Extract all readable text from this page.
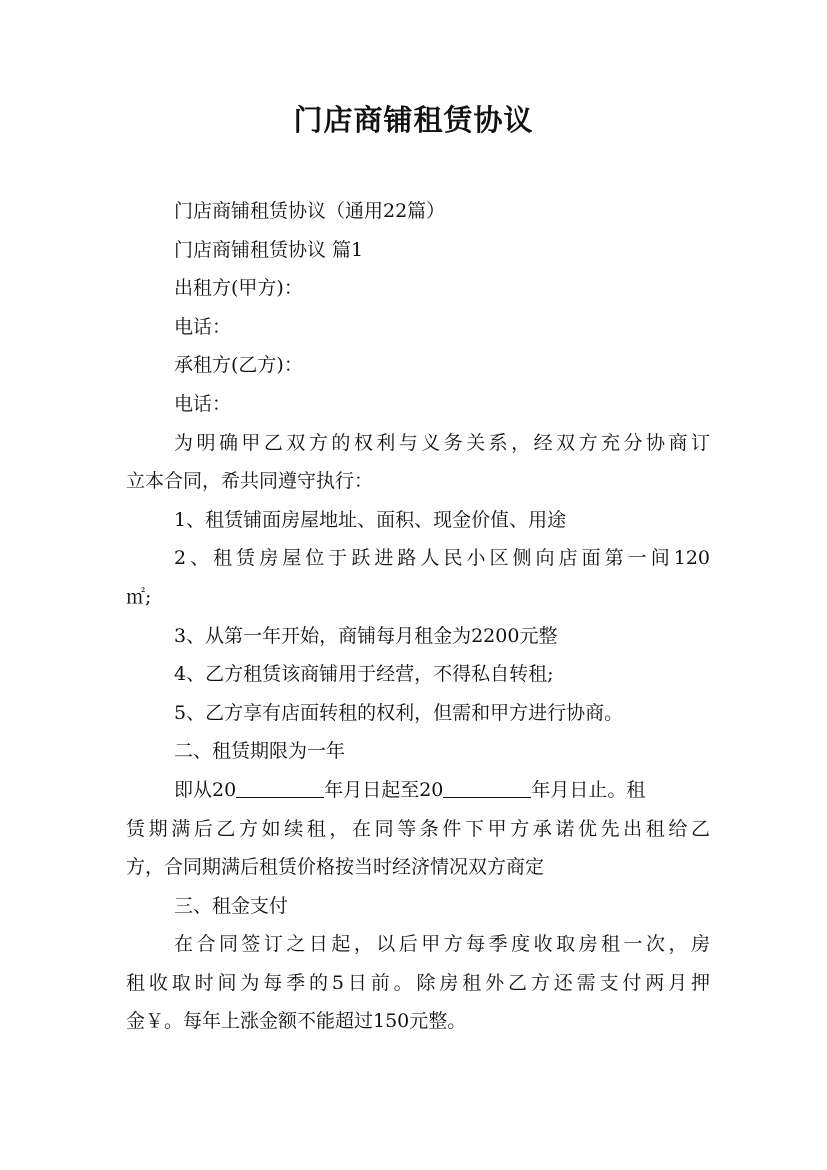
门店商铺租赁协议
门店商铺租赁协议（通用22篇）
门店商铺租赁协议 篇1
出租方(甲方)：
电话：
承租方(乙方)：
电话：
为明确甲乙双方的权利与义务关系，经双方充分协商订
立本合同，希共同遵守执行：
1、租赁铺面房屋地址、面积、现金价值、用途
2、租赁房屋位于跃进路人民小区侧向店面第一间120
㎡;
3、从第一年开始，商铺每月租金为2200元整
4、乙方租赁该商铺用于经营，不得私自转租;
5、乙方享有店面转租的权利，但需和甲方进行协商。
二、租赁期限为一年
即从20	年月日起至20	年月日止。租
赁期满后乙方如续租，在同等条件下甲方承诺优先出租给乙
方，合同期满后租赁价格按当时经济情况双方商定
三、租金支付
在合同签订之日起，以后甲方每季度收取房租一次，房
租收取时间为每季的5日前。除房租外乙方还需支付两月押
金￥。每年上涨金额不能超过150元整。
